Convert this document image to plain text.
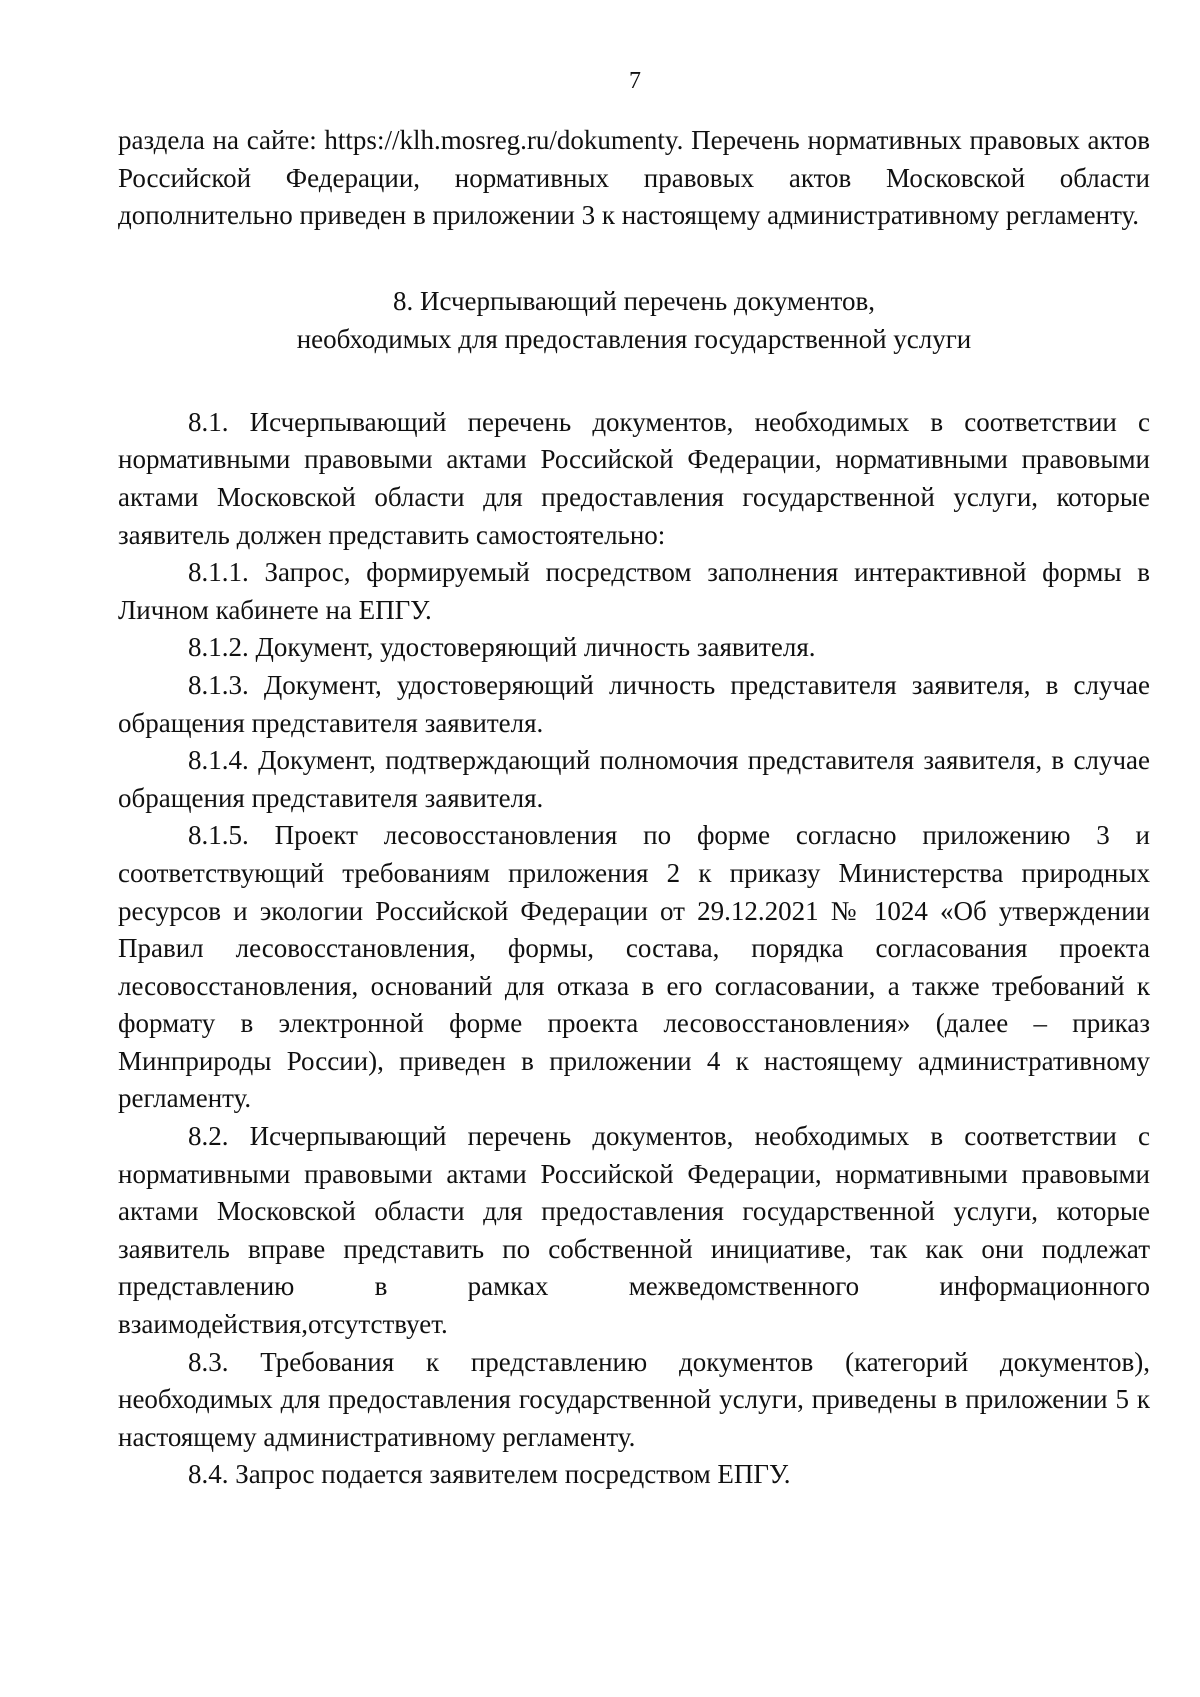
7

раздела на сайте: https://klh.mosreg.ru/dokumenty. Перечень нормативных правовых актов Российской Федерации, нормативных правовых актов Московской области дополнительно приведен в приложении 3 к настоящему административному регламенту.

8. Исчерпывающий перечень документов,
необходимых для предоставления государственной услуги

8.1. Исчерпывающий перечень документов, необходимых в соответствии с нормативными правовыми актами Российской Федерации, нормативными правовыми актами Московской области для предоставления государственной услуги, которые заявитель должен представить самостоятельно:

8.1.1. Запрос, формируемый посредством заполнения интерактивной формы в Личном кабинете на ЕПГУ.

8.1.2. Документ, удостоверяющий личность заявителя.

8.1.3. Документ, удостоверяющий личность представителя заявителя, в случае обращения представителя заявителя.

8.1.4. Документ, подтверждающий полномочия представителя заявителя, в случае обращения представителя заявителя.

8.1.5. Проект лесовосстановления по форме согласно приложению 3 и соответствующий требованиям приложения 2 к приказу Министерства природных ресурсов и экологии Российской Федерации от 29.12.2021 № 1024 «Об утверждении Правил лесовосстановления, формы, состава, порядка согласования проекта лесовосстановления, оснований для отказа в его согласовании, а также требований к формату в электронной форме проекта лесовосстановления» (далее – приказ Минприроды России), приведен в приложении 4 к настоящему административному регламенту.

8.2. Исчерпывающий перечень документов, необходимых в соответствии с нормативными правовыми актами Российской Федерации, нормативными правовыми актами Московской области для предоставления государственной услуги, которые заявитель вправе представить по собственной инициативе, так как они подлежат представлению в рамках межведомственного информационного взаимодействия,отсутствует.

8.3. Требования к представлению документов (категорий документов), необходимых для предоставления государственной услуги, приведены в приложении 5 к настоящему административному регламенту.

8.4. Запрос подается заявителем посредством ЕПГУ.
